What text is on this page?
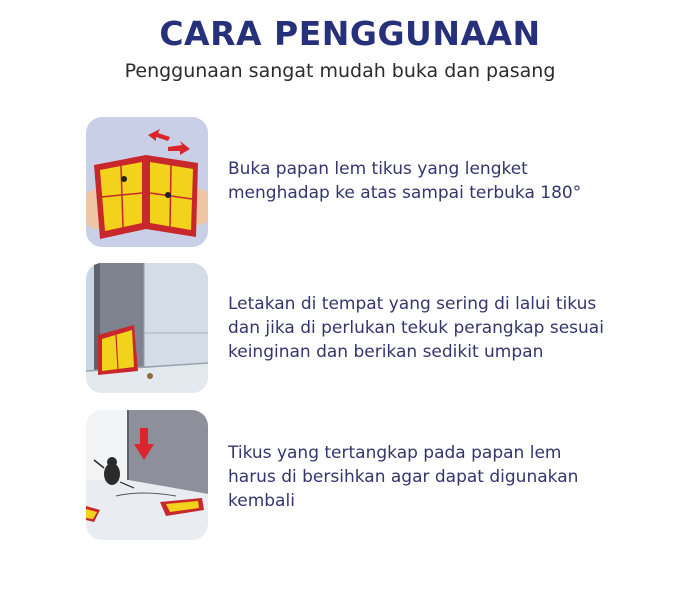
CARA PENGGUNAAN
Penggunaan sangat mudah buka dan pasang
Buka papan lem tikus yang lengket
menghadap ke atas sampai terbuka 180°
Letakan di tempat yang sering di lalui tikus
dan jika di perlukan tekuk perangkap sesuai
keinginan dan berikan sedikit umpan
Tikus yang tertangkap pada papan lem
harus di bersihkan agar dapat digunakan
kembali
